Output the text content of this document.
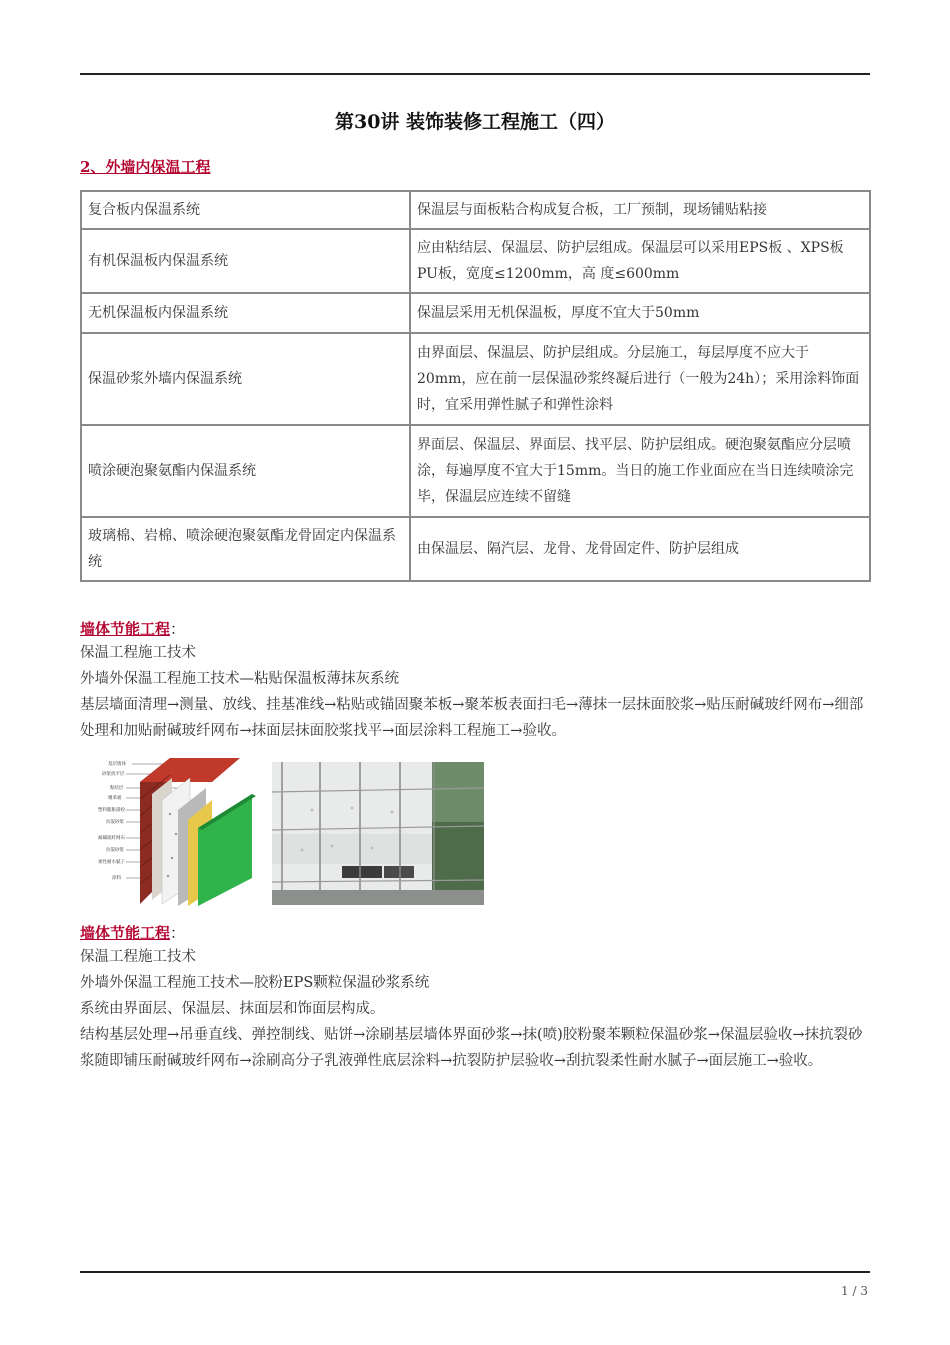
第30讲 装饰装修工程施工（四）
2、外墙内保温工程
复合板内保温系统	保温层与面板粘合构成复合板，工厂预制，现场铺贴粘接
有机保温板内保温系统	应由粘结层、保温层、防护层组成。保温层可以采用EPS板 、XPS板PU板，宽度≤1200mm，高 度≤600mm
无机保温板内保温系统	保温层采用无机保温板，厚度不宜大于50mm
保温砂浆外墙内保温系统	由界面层、保温层、防护层组成。分层施工，每层厚度不应大于20mm，应在前一层保温砂浆终凝后进行（一般为24h）；采用涂料饰面时，宜采用弹性腻子和弹性涂料
喷涂硬泡聚氨酯内保温系统	界面层、保温层、界面层、找平层、防护层组成。硬泡聚氨酯应分层喷涂，每遍厚度不宜大于15mm。当日的施工作业面应在当日连续喷涂完毕，保温层应连续不留缝
玻璃棉、岩棉、喷涂硬泡聚氨酯龙骨固定内保温系统	由保温层、隔汽层、龙骨、龙骨固定件、防护层组成
墙体节能工程：
保温工程施工技术
外墙外保温工程施工技术—粘贴保温板薄抹灰系统
基层墙面清理→测量、放线、挂基准线→粘贴或锚固聚苯板→聚苯板表面扫毛→薄抹一层抹面胶浆→贴压耐碱玻纤网布→细部处理和加贴耐碱玻纤网布→抹面层抹面胶浆找平→面层涂料工程施工→验收。
基层墙体
砂浆找平层
粘结层
聚苯板
塑料膨胀锚栓
抗裂砂浆
耐碱玻纤网布
抗裂砂浆
柔性耐水腻子
涂料
墙体节能工程：
保温工程施工技术
外墙外保温工程施工技术—胶粉EPS颗粒保温砂浆系统
系统由界面层、保温层、抹面层和饰面层构成。
结构基层处理→吊垂直线、弹控制线、贴饼→涂刷基层墙体界面砂浆→抹(喷)胶粉聚苯颗粒保温砂浆→保温层验收→抹抗裂砂浆随即铺压耐碱玻纤网布→涂刷高分子乳液弹性底层涂料→抗裂防护层验收→刮抗裂柔性耐水腻子→面层施工→验收。
1 / 3
